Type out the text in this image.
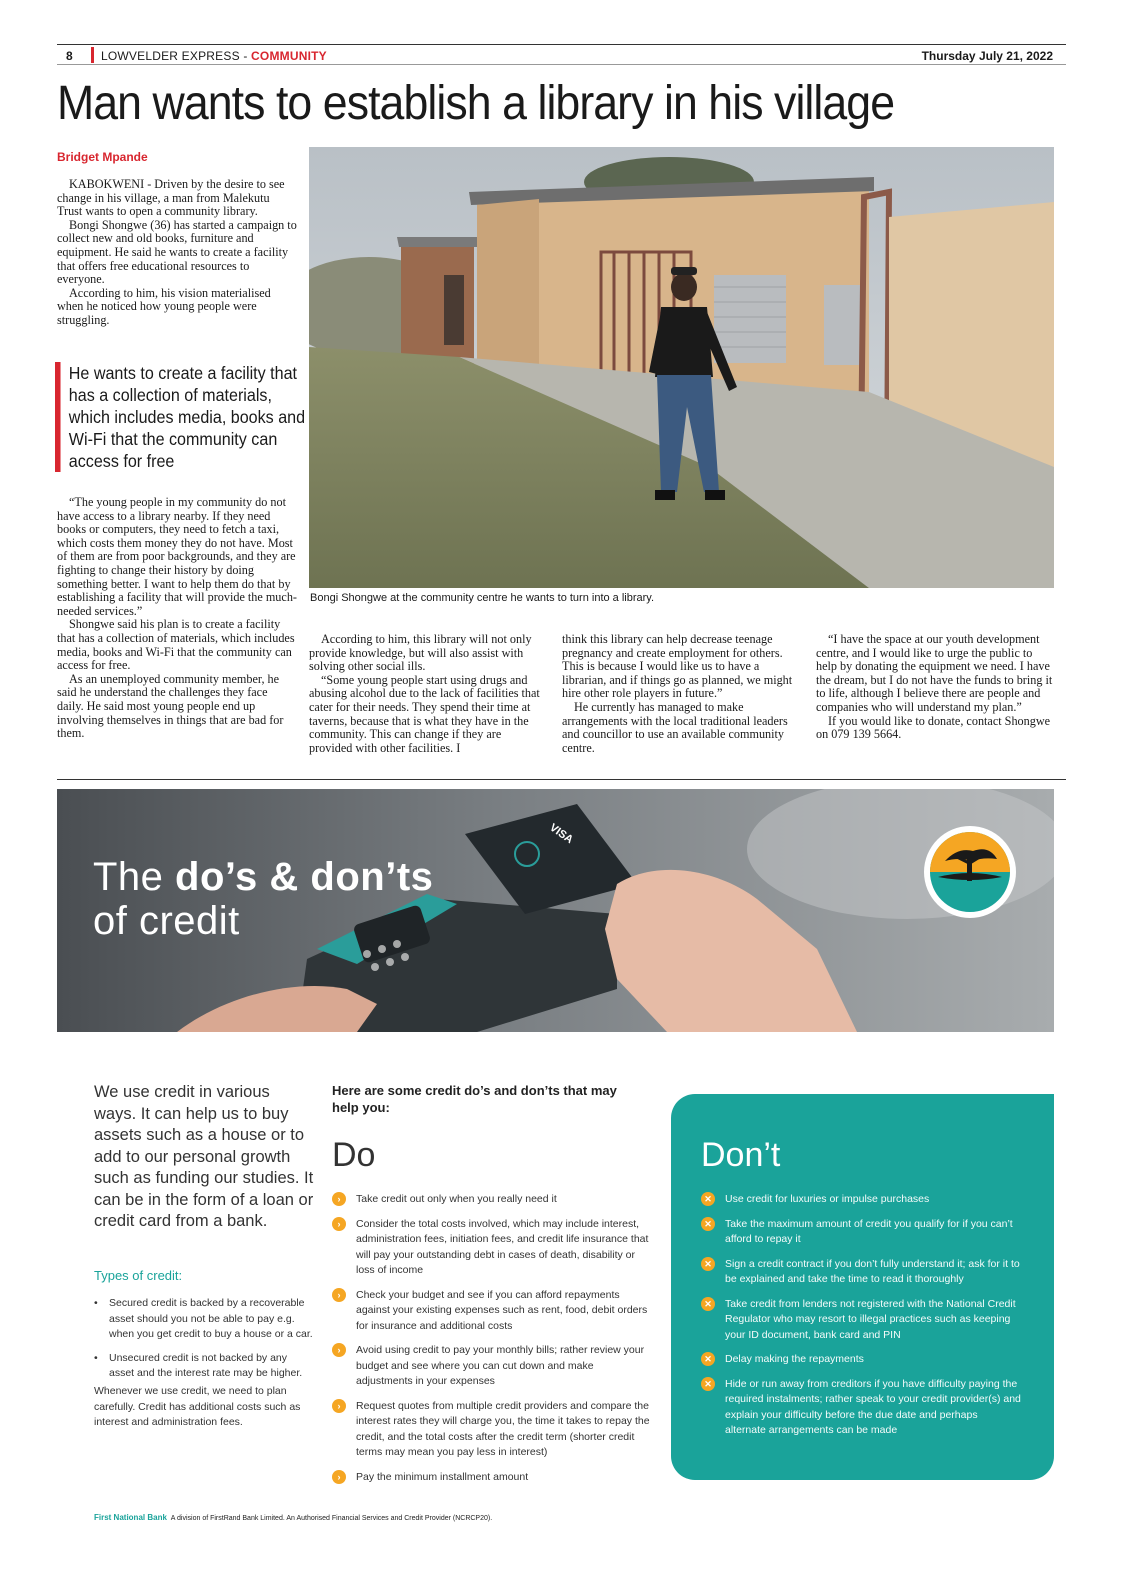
8 LOWVELDER EXPRESS - COMMUNITY	Thursday July 21, 2022
Man wants to establish a library in his village
Bridget Mpande

KABOKWENI - Driven by the desire to see change in his village, a man from Malekutu Trust wants to open a community library.

Bongi Shongwe (36) has started a campaign to collect new and old books, furniture and equipment. He said he wants to create a facility that offers free educational resources to everyone.

According to him, his vision materialised when he noticed how young people were struggling.

He wants to create a facility that has a collection of materials, which includes media, books and Wi-Fi that the community can access for free

“The young people in my community do not have access to a library nearby. If they need books or computers, they need to fetch a taxi, which costs them money they do not have. Most of them are from poor backgrounds, and they are fighting to change their history by doing something better. I want to help them do that by establishing a facility that will provide the much-needed services.”

Shongwe said his plan is to create a facility that has a collection of materials, which includes media, books and Wi-Fi that the community can access for free.

As an unemployed community member, he said he understand the challenges they face daily. He said most young people end up involving themselves in things that are bad for them.

Bongi Shongwe at the community centre he wants to turn into a library.

According to him, this library will not only provide knowledge, but will also assist with solving other social ills.

“Some young people start using drugs and abusing alcohol due to the lack of facilities that cater for their needs. They spend their time at taverns, because that is what they have in the community. This can change if they are provided with other facilities. I

think this library can help decrease teenage pregnancy and create employment for others. This is because I would like us to have a librarian, and if things go as planned, we might hire other role players in future.”

He currently has managed to make arrangements with the local traditional leaders and councillor to use an available community centre.

“I have the space at our youth development centre, and I would like to urge the public to help by donating the equipment we need. I have the dream, but I do not have the funds to bring it to life, although I believe there are people and companies who will understand my plan.”

If you would like to donate, contact Shongwe on 079 139 5664.

VISA
The do’s & don’ts
of credit
We use credit in various ways. It can help us to buy assets such as a house or to add to our personal growth such as funding our studies. It can be in the form of a loan or credit card from a bank.
Types of credit:
• Secured credit is backed by a recoverable asset should you not be able to pay e.g. when you get credit to buy a house or a car.
• Unsecured credit is not backed by any asset and the interest rate may be higher.
Whenever we use credit, we need to plan carefully. Credit has additional costs such as interest and administration fees.
Here are some credit do’s and don’ts that may help you:
Do
›	Take credit out only when you really need it
›	Consider the total costs involved, which may include interest, administration fees, initiation fees, and credit life insurance that will pay your outstanding debt in cases of death, disability or loss of income
›	Check your budget and see if you can afford repayments against your existing expenses such as rent, food, debit orders for insurance and additional costs
›	Avoid using credit to pay your monthly bills; rather review your budget and see where you can cut down and make adjustments in your expenses
›	Request quotes from multiple credit providers and compare the interest rates they will charge you, the time it takes to repay the credit, and the total costs after the credit term (shorter credit terms may mean you pay less in interest)
›	Pay the minimum installment amount
Don’t
✕	Use credit for luxuries or impulse purchases
✕	Take the maximum amount of credit you qualify for if you can’t afford to repay it
✕	Sign a credit contract if you don’t fully understand it; ask for it to be explained and take the time to read it thoroughly
✕	Take credit from lenders not registered with the National Credit Regulator who may resort to illegal practices such as keeping your ID document, bank card and PIN
✕	Delay making the repayments
✕	Hide or run away from creditors if you have difficulty paying the required instalments; rather speak to your credit provider(s) and explain your difficulty before the due date and perhaps alternate arrangements can be made
First National Bank A division of FirstRand Bank Limited. An Authorised Financial Services and Credit Provider (NCRCP20).
